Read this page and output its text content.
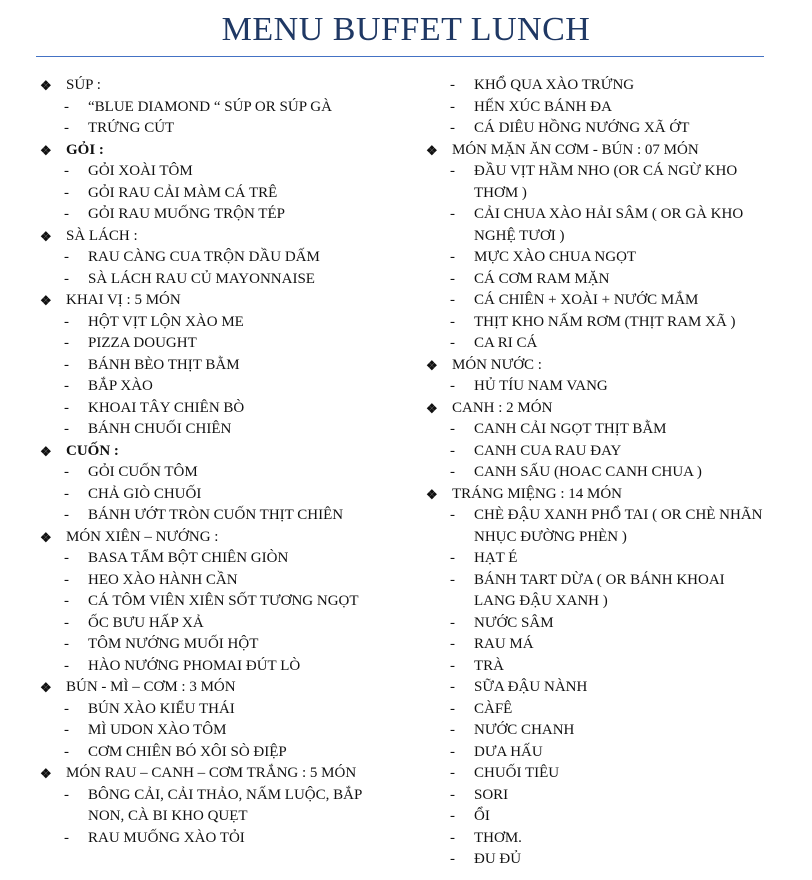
MENU BUFFET LUNCH
❖ SÚP :
-	“BLUE DIAMOND “ SÚP OR SÚP GÀ
-	TRỨNG CÚT
❖ GỎI :
-	GỎI XOÀI TÔM
-	GỎI RAU CẢI MÀM CÁ TRÊ
-	GỎI RAU MUỐNG TRỘN TÉP
❖ SÀ LÁCH :
-	RAU CÀNG CUA TRỘN DẦU DẤM
-	SÀ LÁCH RAU CỦ MAYONNAISE
❖ KHAI VỊ : 5 MÓN
-	HỘT VỊT LỘN XÀO ME
-	PIZZA DOUGHT
-	BÁNH BÈO THỊT BẰM
-	BẮP XÀO
-	KHOAI TÂY CHIÊN BÒ
-	BÁNH CHUỐI CHIÊN
❖ CUỐN :
-	GỎI CUỐN TÔM
-	CHẢ GIÒ CHUỐI
-	BÁNH ƯỚT TRÒN CUỐN THỊT CHIÊN
❖ MÓN XIÊN – NƯỚNG :
-	BASA TẨM BỘT CHIÊN GIÒN
-	HEO XÀO HÀNH CẦN
-	CÁ TÔM VIÊN XIÊN SỐT TƯƠNG NGỌT
-	ỐC BƯU HẤP XẢ
-	TÔM NƯỚNG MUỐI HỘT
-	HÀO NƯỚNG PHOMAI ĐÚT LÒ
❖ BÚN - MÌ – CƠM : 3 MÓN
-	BÚN XÀO KIỂU THÁI
-	MÌ UDON XÀO TÔM
-	CƠM CHIÊN BÓ XÔI SÒ ĐIỆP
❖ MÓN RAU – CANH – CƠM TRẮNG : 5 MÓN
-	BÔNG CẢI, CẢI THẢO, NẤM LUỘC, BẮP NON, CÀ BI KHO QUẸT
-	RAU MUỐNG XÀO TỎI
-	KHỔ QUA XÀO TRỨNG
-	HẾN XÚC BÁNH ĐA
-	CÁ DIÊU HỒNG NƯỚNG XÃ ỚT
❖ MÓN MẶN ĂN CƠM - BÚN : 07 MÓN
-	ĐẦU VỊT HẦM NHO (OR CÁ NGỪ KHO THƠM )
-	CẢI CHUA XÀO HẢI SÂM ( OR GÀ KHO NGHỆ TƯƠI )
-	MỰC XÀO CHUA NGỌT
-	CÁ CƠM RAM MẶN
-	CÁ CHIÊN + XOÀI + NƯỚC MẮM
-	THỊT KHO NẤM RƠM (THỊT RAM XÃ )
-	CA RI CÁ
❖ MÓN NƯỚC :
-	HỦ TÍU NAM VANG
❖ CANH : 2 MÓN
-	CANH CẢI NGỌT THỊT BẰM
-	CANH CUA RAU ĐAY
-	CANH SẤU (HOAC CANH CHUA )
❖ TRÁNG MIỆNG : 14 MÓN
-	CHÈ ĐẬU XANH PHỔ TAI ( OR CHÈ NHÃN NHỤC ĐƯỜNG PHÈN )
-	HẠT É
-	BÁNH TART DỪA ( OR BÁNH KHOAI LANG ĐẬU XANH )
-	NƯỚC SÂM
-	RAU MÁ
-	TRÀ
-	SỮA ĐẬU NÀNH
-	CÀFÊ
-	NƯỚC CHANH
-	DƯA HẤU
-	CHUỐI TIÊU
-	SORI
-	ỔI
-	THƠM.
-	ĐU ĐỦ
